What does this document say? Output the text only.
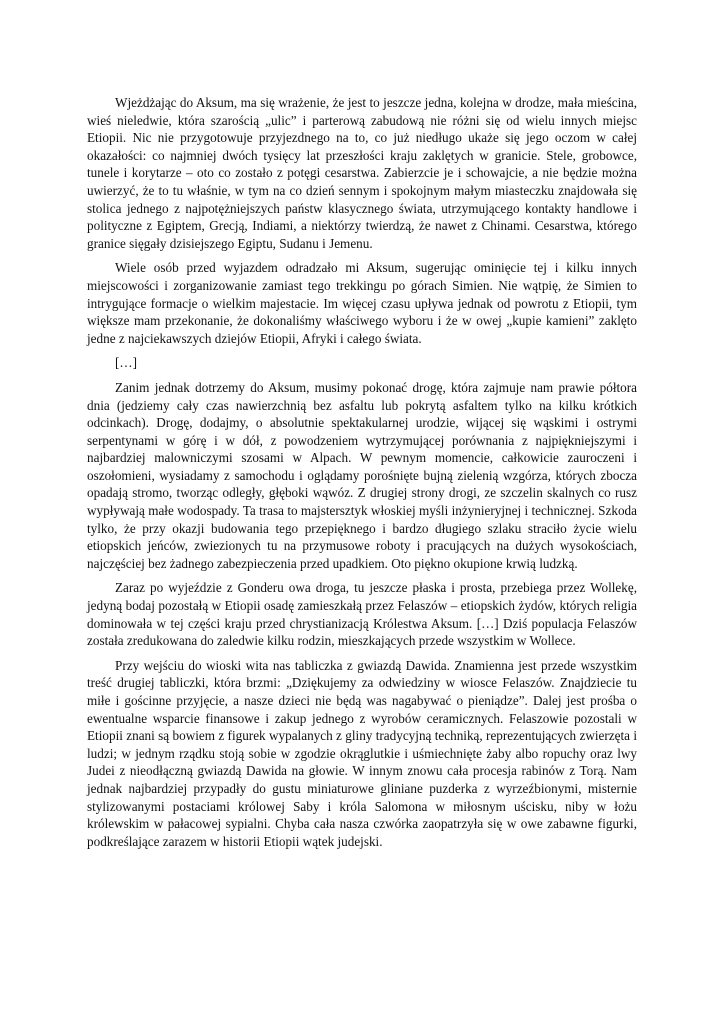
Wjeżdżając do Aksum, ma się wrażenie, że jest to jeszcze jedna, kolejna w drodze, mała mieścina, wieś nieledwie, która szarością „ulic” i parterową zabudową nie różni się od wielu innych miejsc Etiopii. Nic nie przygotowuje przyjezdnego na to, co już niedługo ukaże się jego oczom w całej okazałości: co najmniej dwóch tysięcy lat przeszłości kraju zaklętych w granicie. Stele, grobowce, tunele i korytarze – oto co zostało z potęgi cesarstwa. Zabierzcie je i schowajcie, a nie będzie można uwierzyć, że to tu właśnie, w tym na co dzień sennym i spokojnym małym miasteczku znajdowała się stolica jednego z najpotężniejszych państw klasycznego świata, utrzymującego kontakty handlowe i polityczne z Egiptem, Grecją, Indiami, a niektórzy twierdzą, że nawet z Chinami. Cesarstwa, którego granice sięgały dzisiejszego Egiptu, Sudanu i Jemenu.

Wiele osób przed wyjazdem odradzało mi Aksum, sugerując ominięcie tej i kilku innych miejscowości i zorganizowanie zamiast tego trekkingu po górach Simien. Nie wątpię, że Simien to intrygujące formacje o wielkim majestacie. Im więcej czasu upływa jednak od powrotu z Etiopii, tym większe mam przekonanie, że dokonaliśmy właściwego wyboru i że w owej „kupie kamieni” zaklęto jedne z najciekawszych dziejów Etiopii, Afryki i całego świata.

[…]

Zanim jednak dotrzemy do Aksum, musimy pokonać drogę, która zajmuje nam prawie półtora dnia (jedziemy cały czas nawierzchnią bez asfaltu lub pokrytą asfaltem tylko na kilku krótkich odcinkach). Drogę, dodajmy, o absolutnie spektakularnej urodzie, wijącej się wąskimi i ostrymi serpentynami w górę i w dół, z powodzeniem wytrzymującej porównania z najpiękniejszymi i najbardziej malowniczymi szosami w Alpach. W pewnym momencie, całkowicie zauroczeni i oszołomieni, wysiadamy z samochodu i oglądamy porośnięte bujną zielenią wzgórza, których zbocza opadają stromo, tworząc odległy, głęboki wąwóz. Z drugiej strony drogi, ze szczelin skalnych co rusz wypływają małe wodospady. Ta trasa to majstersztyk włoskiej myśli inżynieryjnej i technicznej. Szkoda tylko, że przy okazji budowania tego przepięknego i bardzo długiego szlaku straciło życie wielu etiopskich jeńców, zwiezionych tu na przymusowe roboty i pracujących na dużych wysokościach, najczęściej bez żadnego zabezpieczenia przed upadkiem. Oto piękno okupione krwią ludzką.

Zaraz po wyjeździe z Gonderu owa droga, tu jeszcze płaska i prosta, przebiega przez Wollekę, jedyną bodaj pozostałą w Etiopii osadę zamieszkałą przez Felaszów – etiopskich żydów, których religia dominowała w tej części kraju przed chrystianizacją Królestwa Aksum. […] Dziś populacja Felaszów została zredukowana do zaledwie kilku rodzin, mieszkających przede wszystkim w Wollece.

Przy wejściu do wioski wita nas tabliczka z gwiazdą Dawida. Znamienna jest przede wszystkim treść drugiej tabliczki, która brzmi: „Dziękujemy za odwiedziny w wiosce Felaszów. Znajdziecie tu miłe i gościnne przyjęcie, a nasze dzieci nie będą was nagabywać o pieniądze”. Dalej jest prośba o ewentualne wsparcie finansowe i zakup jednego z wyrobów ceramicznych. Felaszowie pozostali w Etiopii znani są bowiem z figurek wypalanych z gliny tradycyjną techniką, reprezentujących zwierzęta i ludzi; w jednym rządku stoją sobie w zgodzie okrąglutkie i uśmiechnięte żaby albo ropuchy oraz lwy Judei z nieodłączną gwiazdą Dawida na głowie. W innym znowu cała procesja rabinów z Torą. Nam jednak najbardziej przypadły do gustu miniaturowe gliniane puzderka z wyrzeźbionymi, misternie stylizowanymi postaciami królowej Saby i króla Salomona w miłosnym uścisku, niby w łożu królewskim w pałacowej sypialni. Chyba cała nasza czwórka zaopatrzyła się w owe zabawne figurki, podkreślające zarazem w historii Etiopii wątek judejski.
